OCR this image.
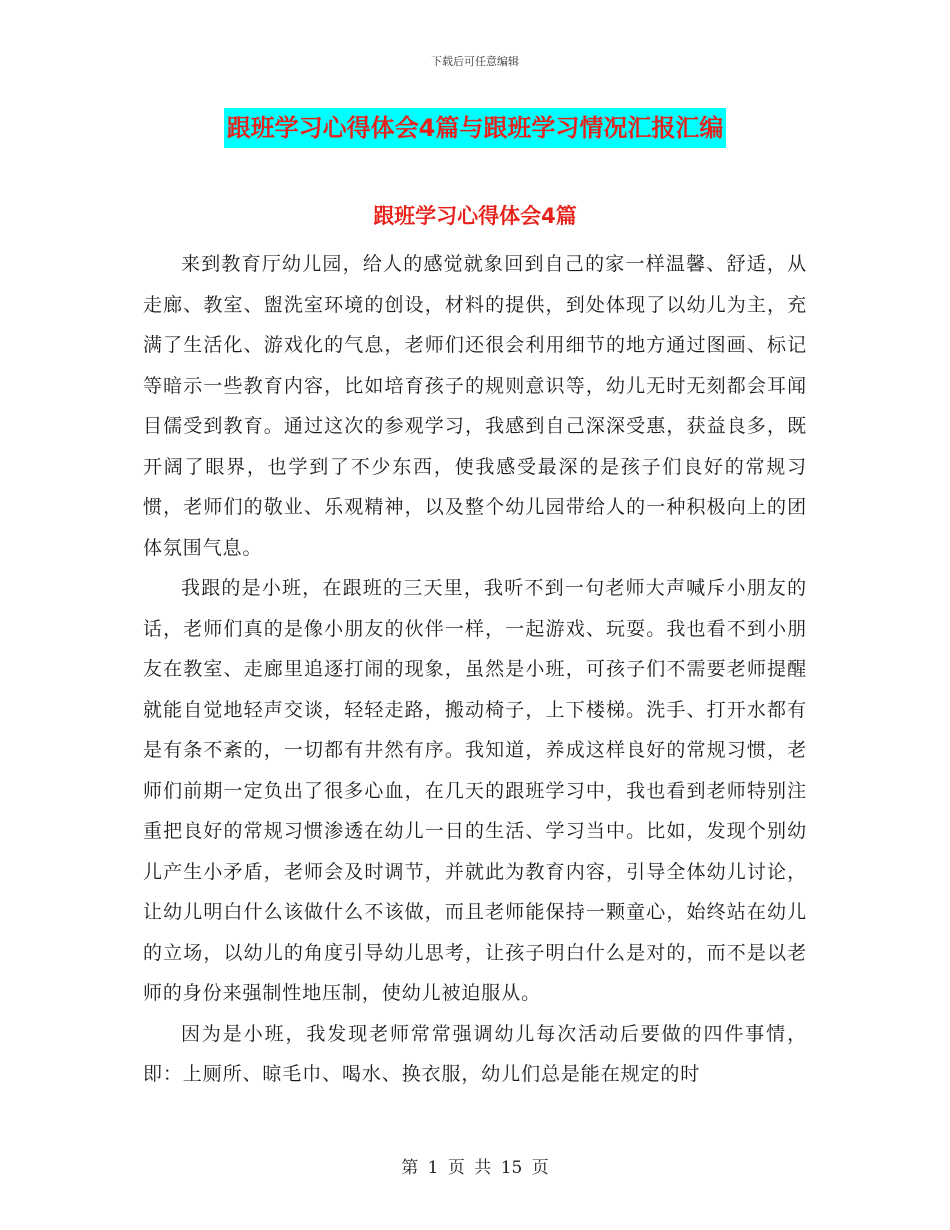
下载后可任意编辑
跟班学习心得体会4篇与跟班学习情况汇报汇编
跟班学习心得体会4篇

来到教育厅幼儿园，给人的感觉就象回到自己的家一样温馨、舒适，从走廊、教室、盥洗室环境的创设，材料的提供，到处体现了以幼儿为主，充满了生活化、游戏化的气息，老师们还很会利用细节的地方通过图画、标记等暗示一些教育内容，比如培育孩子的规则意识等，幼儿无时无刻都会耳闻目儒受到教育。通过这次的参观学习，我感到自己深深受惠，获益良多，既开阔了眼界，也学到了不少东西，使我感受最深的是孩子们良好的常规习惯，老师们的敬业、乐观精神，以及整个幼儿园带给人的一种积极向上的团体氛围气息。

我跟的是小班，在跟班的三天里，我听不到一句老师大声喊斥小朋友的话，老师们真的是像小朋友的伙伴一样，一起游戏、玩耍。我也看不到小朋友在教室、走廊里追逐打闹的现象，虽然是小班，可孩子们不需要老师提醒就能自觉地轻声交谈，轻轻走路，搬动椅子，上下楼梯。洗手、打开水都有是有条不紊的，一切都有井然有序。我知道，养成这样良好的常规习惯，老师们前期一定负出了很多心血，在几天的跟班学习中，我也看到老师特别注重把良好的常规习惯渗透在幼儿一日的生活、学习当中。比如，发现个别幼儿产生小矛盾，老师会及时调节，并就此为教育内容，引导全体幼儿讨论，让幼儿明白什么该做什么不该做，而且老师能保持一颗童心，始终站在幼儿的立场，以幼儿的角度引导幼儿思考，让孩子明白什么是对的，而不是以老师的身份来强制性地压制，使幼儿被迫服从。

因为是小班，我发现老师常常强调幼儿每次活动后要做的四件事情，即：上厕所、晾毛巾、喝水、换衣服，幼儿们总是能在规定的时

第 1 页 共 15 页
